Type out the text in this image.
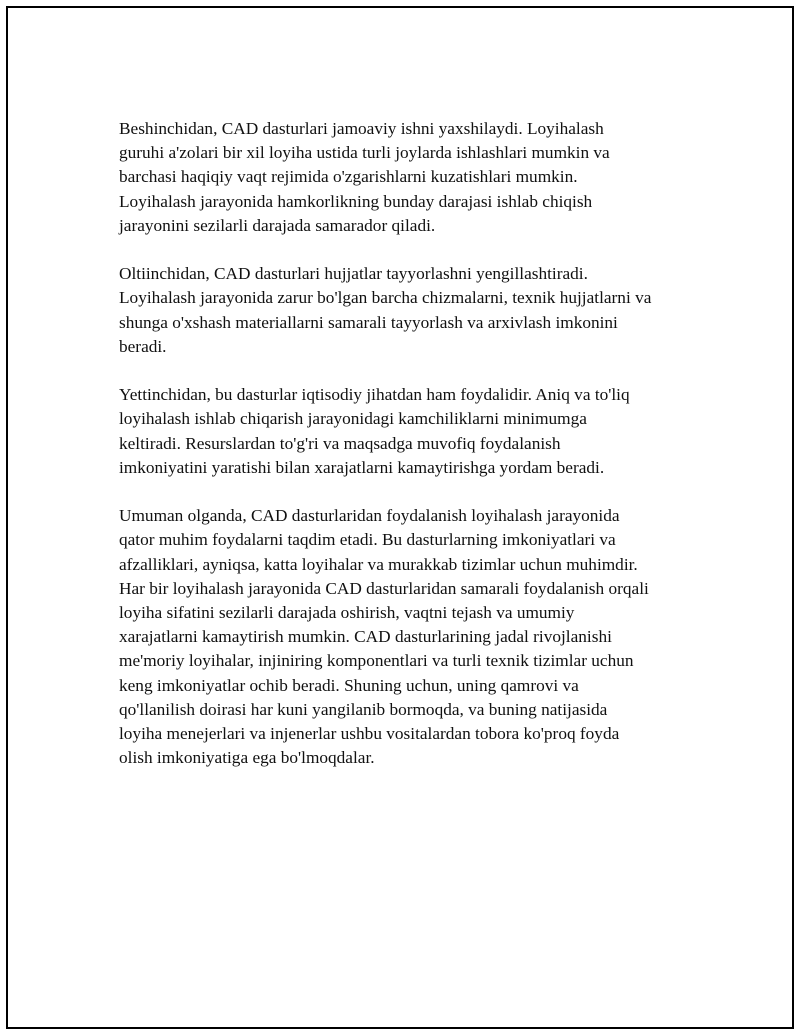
Beshinchidan, CAD dasturlari jamoaviy ishni yaxshilaydi. Loyihalash
guruhi a'zolari bir xil loyiha ustida turli joylarda ishlashlari mumkin va
barchasi haqiqiy vaqt rejimida o'zgarishlarni kuzatishlari mumkin.
Loyihalash jarayonida hamkorlikning bunday darajasi ishlab chiqish
jarayonini sezilarli darajada samarador qiladi.

Oltiinchidan, CAD dasturlari hujjatlar tayyorlashni yengillashtiradi.
Loyihalash jarayonida zarur bo'lgan barcha chizmalarni, texnik hujjatlarni va
shunga o'xshash materiallarni samarali tayyorlash va arxivlash imkonini
beradi.

Yettinchidan, bu dasturlar iqtisodiy jihatdan ham foydalidir. Aniq va to'liq
loyihalash ishlab chiqarish jarayonidagi kamchiliklarni minimumga
keltiradi. Resurslardan to'g'ri va maqsadga muvofiq foydalanish
imkoniyatini yaratishi bilan xarajatlarni kamaytirishga yordam beradi.

Umuman olganda, CAD dasturlaridan foydalanish loyihalash jarayonida
qator muhim foydalarni taqdim etadi. Bu dasturlarning imkoniyatlari va
afzalliklari, ayniqsa, katta loyihalar va murakkab tizimlar uchun muhimdir.
Har bir loyihalash jarayonida CAD dasturlaridan samarali foydalanish orqali
loyiha sifatini sezilarli darajada oshirish, vaqtni tejash va umumiy
xarajatlarni kamaytirish mumkin. CAD dasturlarining jadal rivojlanishi
me'moriy loyihalar, injiniring komponentlari va turli texnik tizimlar uchun
keng imkoniyatlar ochib beradi. Shuning uchun, uning qamrovi va
qo'llanilish doirasi har kuni yangilanib bormoqda, va buning natijasida
loyiha menejerlari va injenerlar ushbu vositalardan tobora ko'proq foyda
olish imkoniyatiga ega bo'lmoqdalar.
